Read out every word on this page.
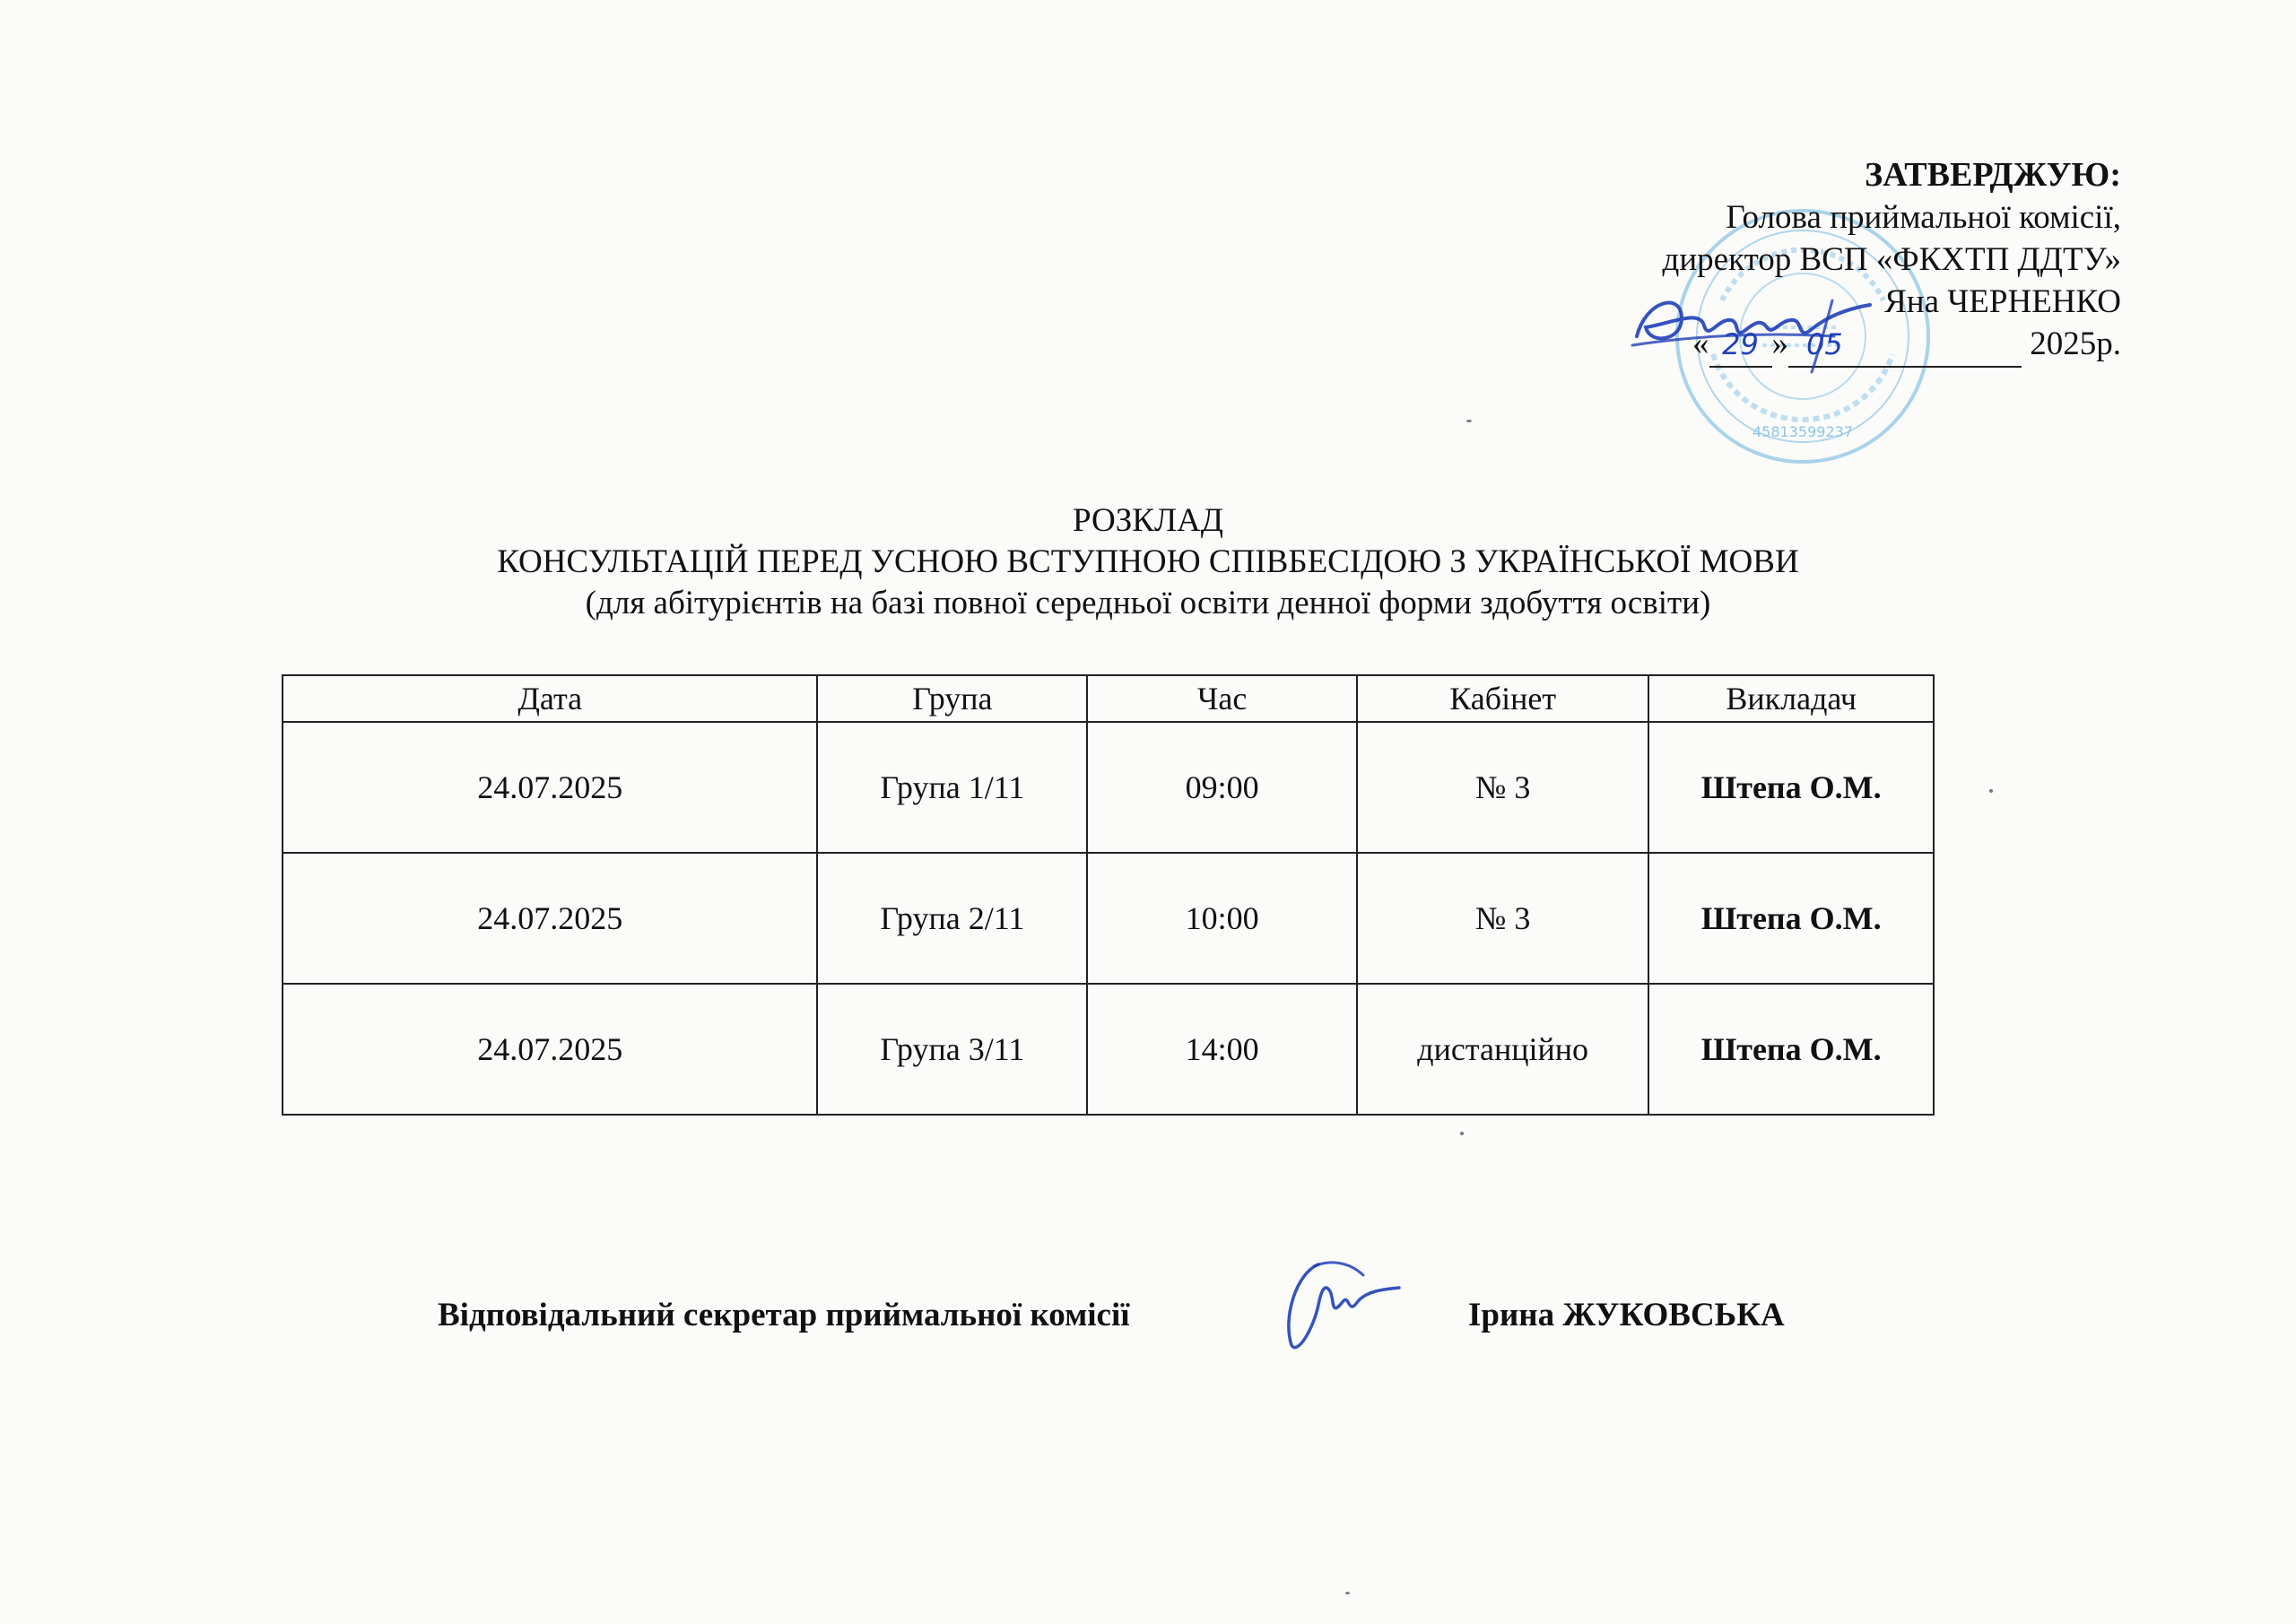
45813599237
ЗАТВЕРДЖУЮ:
Голова приймальної комісії,
директор ВСП «ФКХТП ДДТУ»
Яна ЧЕРНЕНКО
« 29 » 05	2025р.
РОЗКЛАД
КОНСУЛЬТАЦІЙ ПЕРЕД УСНОЮ ВСТУПНОЮ СПІВБЕСІДОЮ З УКРАЇНСЬКОЇ МОВИ
(для абітурієнтів на базі повної середньої освіти денної форми здобуття освіти)
Дата	Група	Час	Кабінет	Викладач
24.07.2025	Група 1/11	09:00	№ 3	Штепа О.М.
24.07.2025	Група 2/11	10:00	№ 3	Штепа О.М.
24.07.2025	Група 3/11	14:00	дистанційно	Штепа О.М.
Відповідальний секретар приймальної комісії	Ірина ЖУКОВСЬКА
